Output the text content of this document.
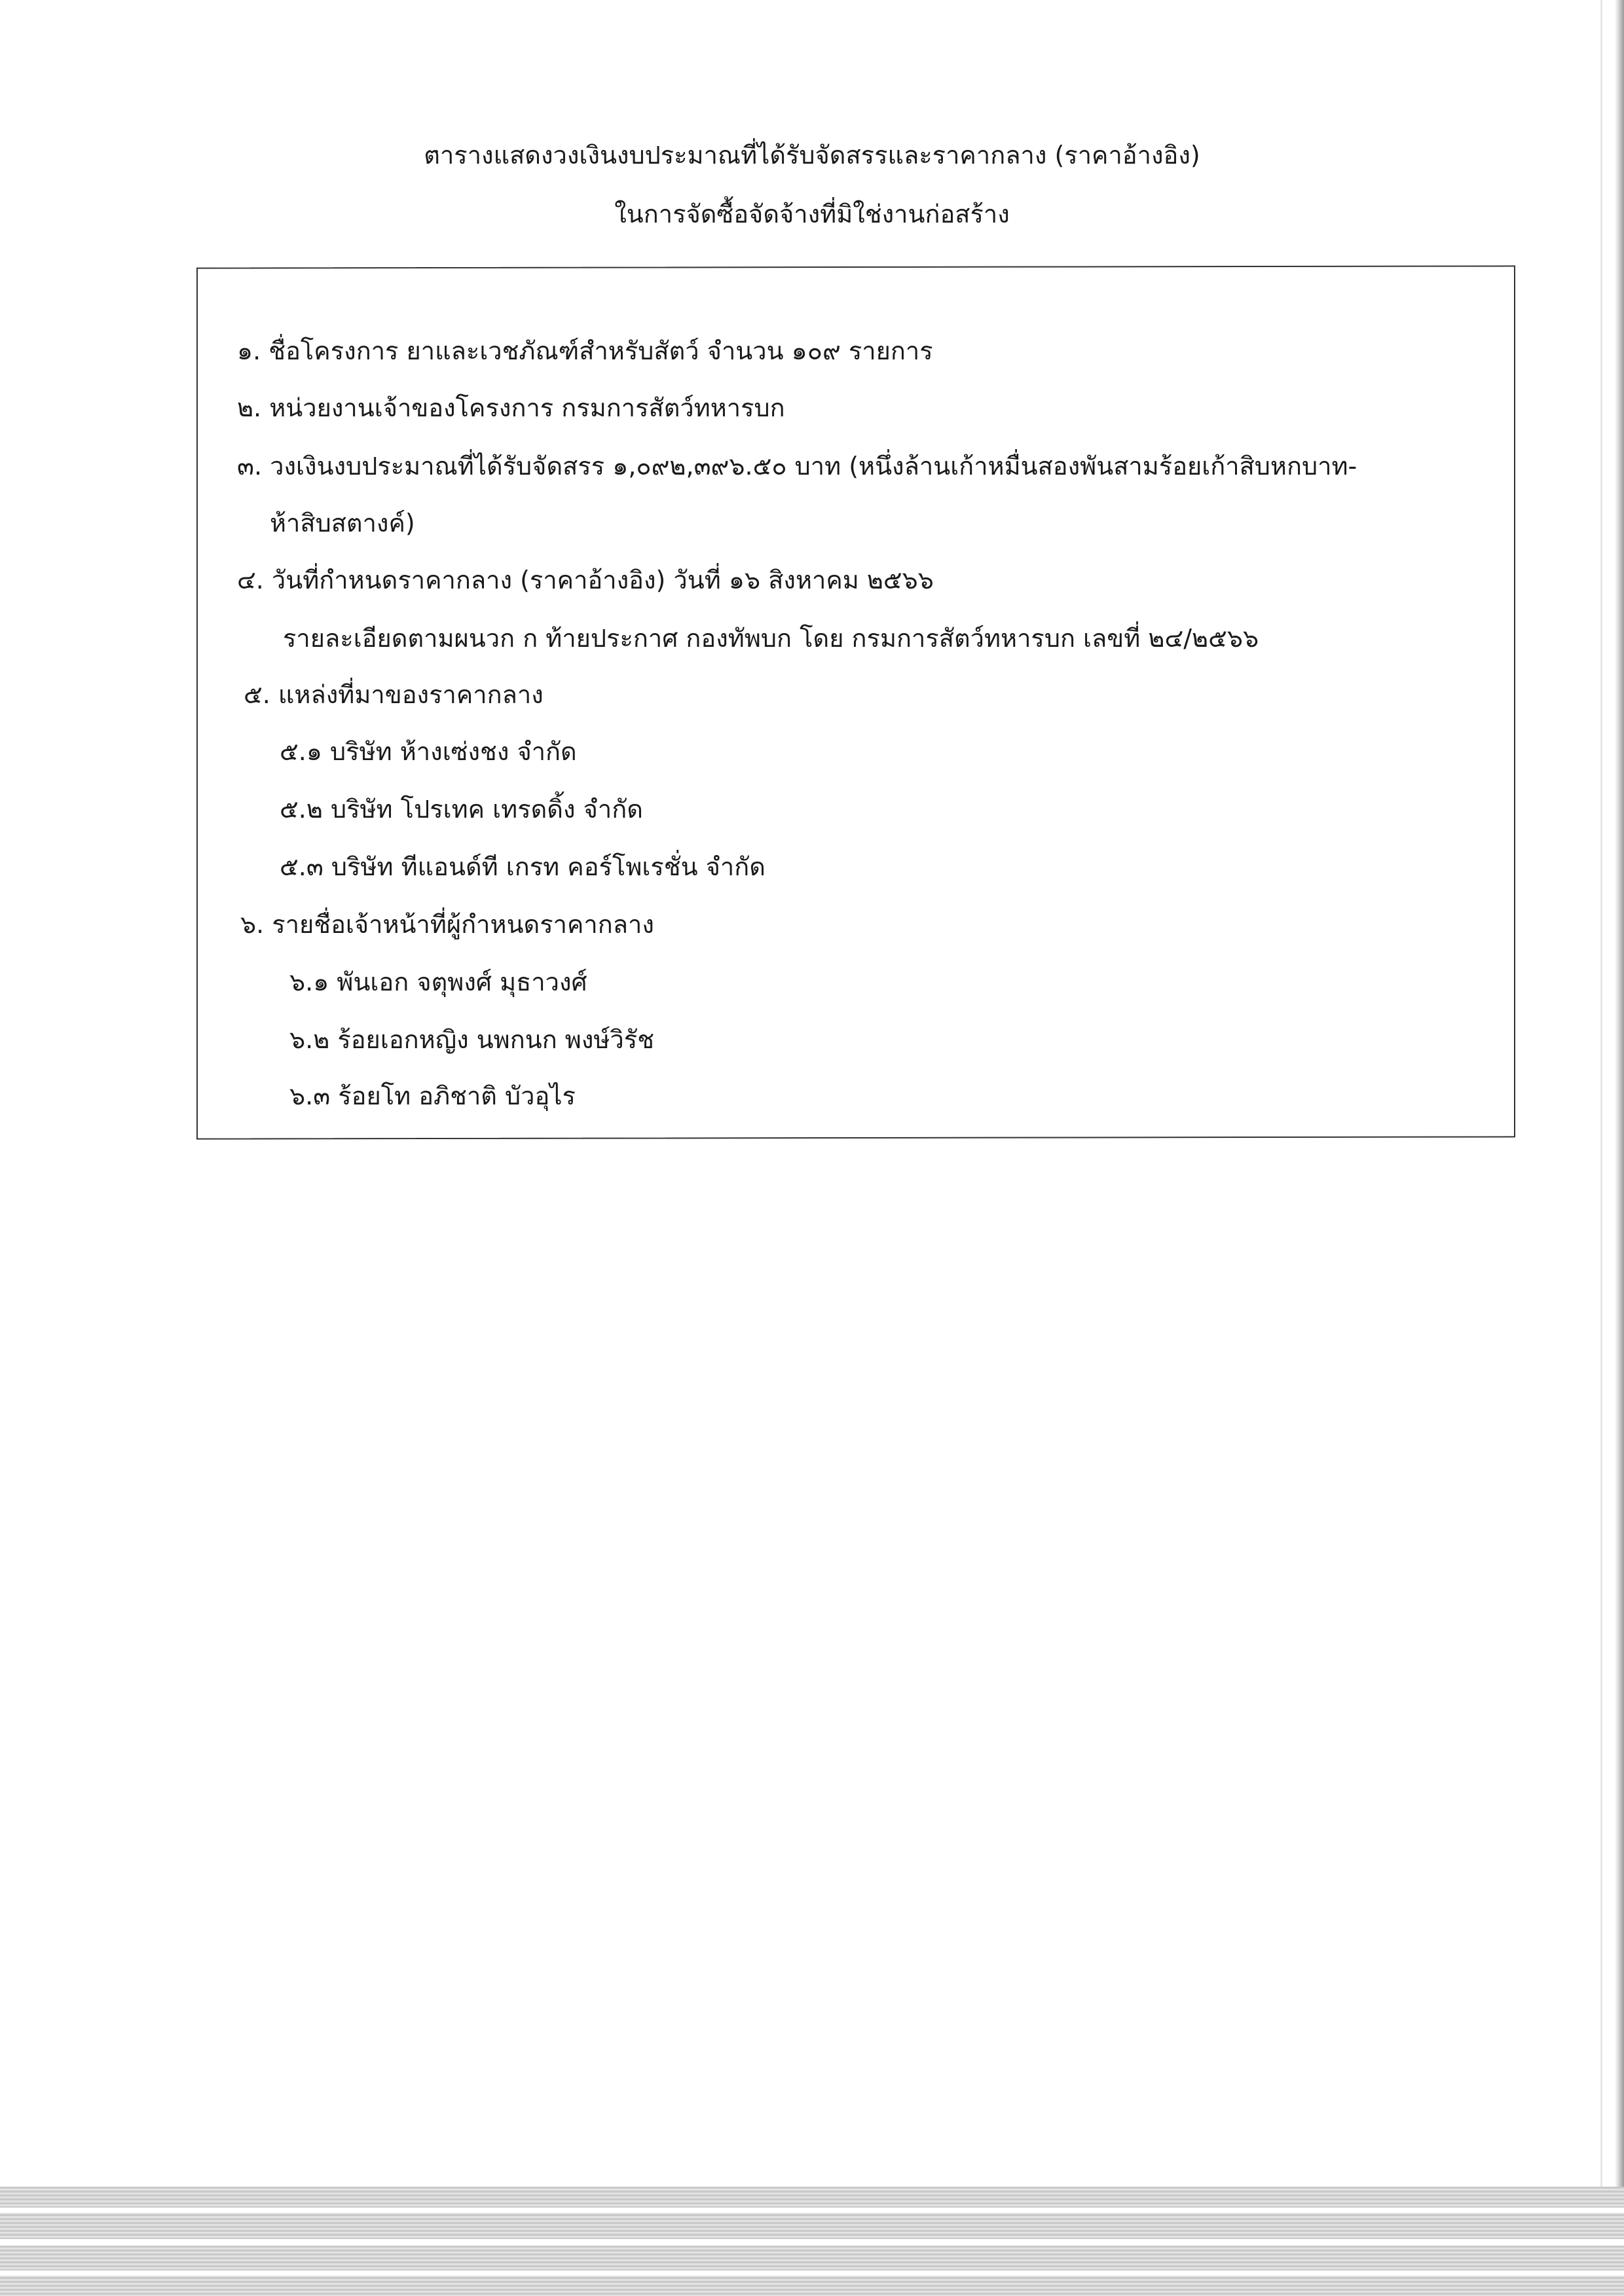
ตารางแสดงวงเงินงบประมาณที่ได้รับจัดสรรและราคากลาง (ราคาอ้างอิง)
ในการจัดซื้อจัดจ้างที่มิใช่งานก่อสร้าง
๑. ชื่อโครงการ ยาและเวชภัณฑ์สำหรับสัตว์ จำนวน ๑๐๙ รายการ
๒. หน่วยงานเจ้าของโครงการ กรมการสัตว์ทหารบก
๓. วงเงินงบประมาณที่ได้รับจัดสรร ๑,๐๙๒,๓๙๖.๕๐ บาท (หนึ่งล้านเก้าหมื่นสองพันสามร้อยเก้าสิบหกบาท-
ห้าสิบสตางค์)
๔. วันที่กำหนดราคากลาง (ราคาอ้างอิง) วันที่ ๑๖ สิงหาคม ๒๕๖๖
รายละเอียดตามผนวก ก ท้ายประกาศ กองทัพบก โดย กรมการสัตว์ทหารบก เลขที่ ๒๔/๒๕๖๖
๕. แหล่งที่มาของราคากลาง
๕.๑ บริษัท ห้างเซ่งชง จำกัด
๕.๒ บริษัท โปรเทค เทรดดิ้ง จำกัด
๕.๓ บริษัท ทีแอนด์ที เกรท คอร์โพเรชั่น จำกัด
๖. รายชื่อเจ้าหน้าที่ผู้กำหนดราคากลาง
๖.๑ พันเอก จตุพงศ์ มุธาวงศ์
๖.๒ ร้อยเอกหญิง นพกนก พงษ์วิรัช
๖.๓ ร้อยโท อภิชาติ บัวอุไร
